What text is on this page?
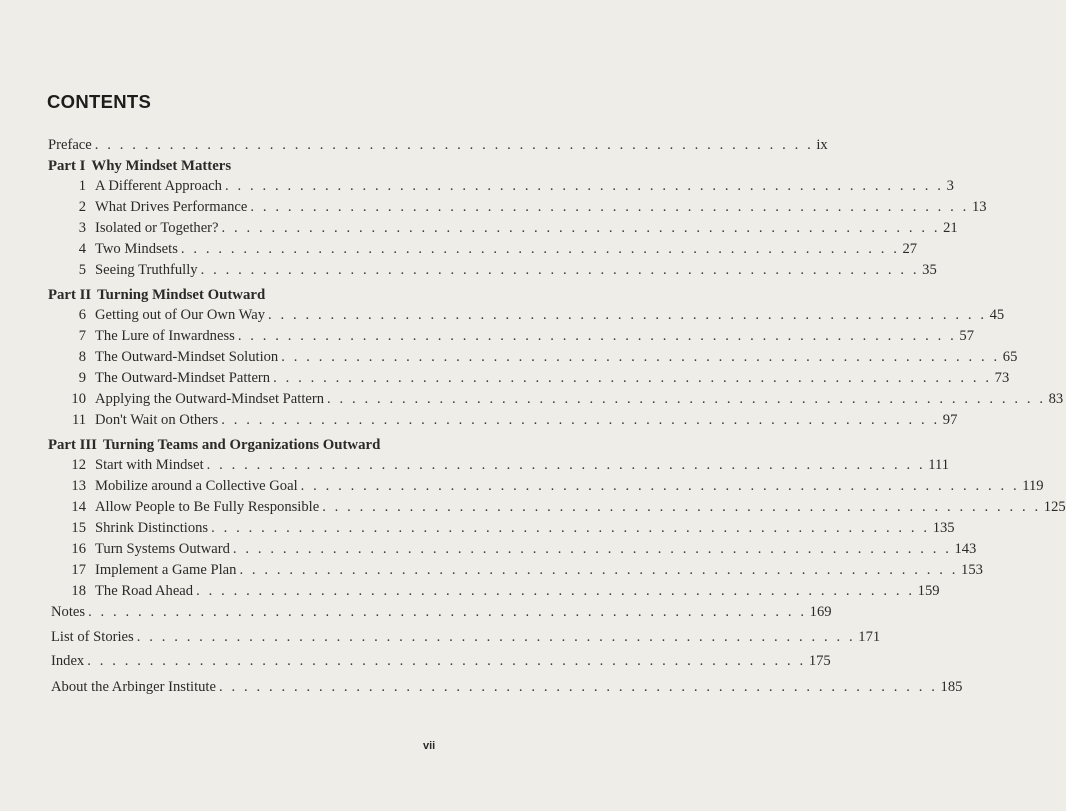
CONTENTS
Preface . . . . . . . . . . . . . . . . . . . . . . . . . . . . . . . . . . . . . . . . . . . . . . . . . . . . . . . . . . ix
Part I Why Mindset Matters
1 A Different Approach . . . . . . . . . . . . . . . . . . . . . . . . . . . . . . . . . . . . . . . . . . . . . . . . . . . . . . . . . . 3
2 What Drives Performance . . . . . . . . . . . . . . . . . . . . . . . . . . . . . . . . . . . . . . . . . . . . . . . . . . . . . . . . . . 13
3 Isolated or Together? . . . . . . . . . . . . . . . . . . . . . . . . . . . . . . . . . . . . . . . . . . . . . . . . . . . . . . . . . . 21
4 Two Mindsets . . . . . . . . . . . . . . . . . . . . . . . . . . . . . . . . . . . . . . . . . . . . . . . . . . . . . . . . . . 27
5 Seeing Truthfully . . . . . . . . . . . . . . . . . . . . . . . . . . . . . . . . . . . . . . . . . . . . . . . . . . . . . . . . . . 35
Part II Turning Mindset Outward
6 Getting out of Our Own Way . . . . . . . . . . . . . . . . . . . . . . . . . . . . . . . . . . . . . . . . . . . . . . . . . . . . . . . . . . 45
7 The Lure of Inwardness . . . . . . . . . . . . . . . . . . . . . . . . . . . . . . . . . . . . . . . . . . . . . . . . . . . . . . . . . . 57
8 The Outward-Mindset Solution . . . . . . . . . . . . . . . . . . . . . . . . . . . . . . . . . . . . . . . . . . . . . . . . . . . . . . . . . . 65
9 The Outward-Mindset Pattern . . . . . . . . . . . . . . . . . . . . . . . . . . . . . . . . . . . . . . . . . . . . . . . . . . . . . . . . . . 73
10 Applying the Outward-Mindset Pattern . . . . . . . . . . . . . . . . . . . . . . . . . . . . . . . . . . . . . . . . . . . . . . . . . . . . . . . . . . 83
11 Don't Wait on Others . . . . . . . . . . . . . . . . . . . . . . . . . . . . . . . . . . . . . . . . . . . . . . . . . . . . . . . . . . 97
Part III Turning Teams and Organizations Outward
12 Start with Mindset . . . . . . . . . . . . . . . . . . . . . . . . . . . . . . . . . . . . . . . . . . . . . . . . . . . . . . . . . . 111
13 Mobilize around a Collective Goal . . . . . . . . . . . . . . . . . . . . . . . . . . . . . . . . . . . . . . . . . . . . . . . . . . . . . . . . . . 119
14 Allow People to Be Fully Responsible . . . . . . . . . . . . . . . . . . . . . . . . . . . . . . . . . . . . . . . . . . . . . . . . . . . . . . . . . . 125
15 Shrink Distinctions . . . . . . . . . . . . . . . . . . . . . . . . . . . . . . . . . . . . . . . . . . . . . . . . . . . . . . . . . . 135
16 Turn Systems Outward . . . . . . . . . . . . . . . . . . . . . . . . . . . . . . . . . . . . . . . . . . . . . . . . . . . . . . . . . . 143
17 Implement a Game Plan . . . . . . . . . . . . . . . . . . . . . . . . . . . . . . . . . . . . . . . . . . . . . . . . . . . . . . . . . . 153
18 The Road Ahead . . . . . . . . . . . . . . . . . . . . . . . . . . . . . . . . . . . . . . . . . . . . . . . . . . . . . . . . . . 159
Notes . . . . . . . . . . . . . . . . . . . . . . . . . . . . . . . . . . . . . . . . . . . . . . . . . . . . . . . . . . 169
List of Stories . . . . . . . . . . . . . . . . . . . . . . . . . . . . . . . . . . . . . . . . . . . . . . . . . . . . . . . . . . 171
Index . . . . . . . . . . . . . . . . . . . . . . . . . . . . . . . . . . . . . . . . . . . . . . . . . . . . . . . . . . 175
About the Arbinger Institute . . . . . . . . . . . . . . . . . . . . . . . . . . . . . . . . . . . . . . . . . . . . . . . . . . . . . . . . . . 185
vii
